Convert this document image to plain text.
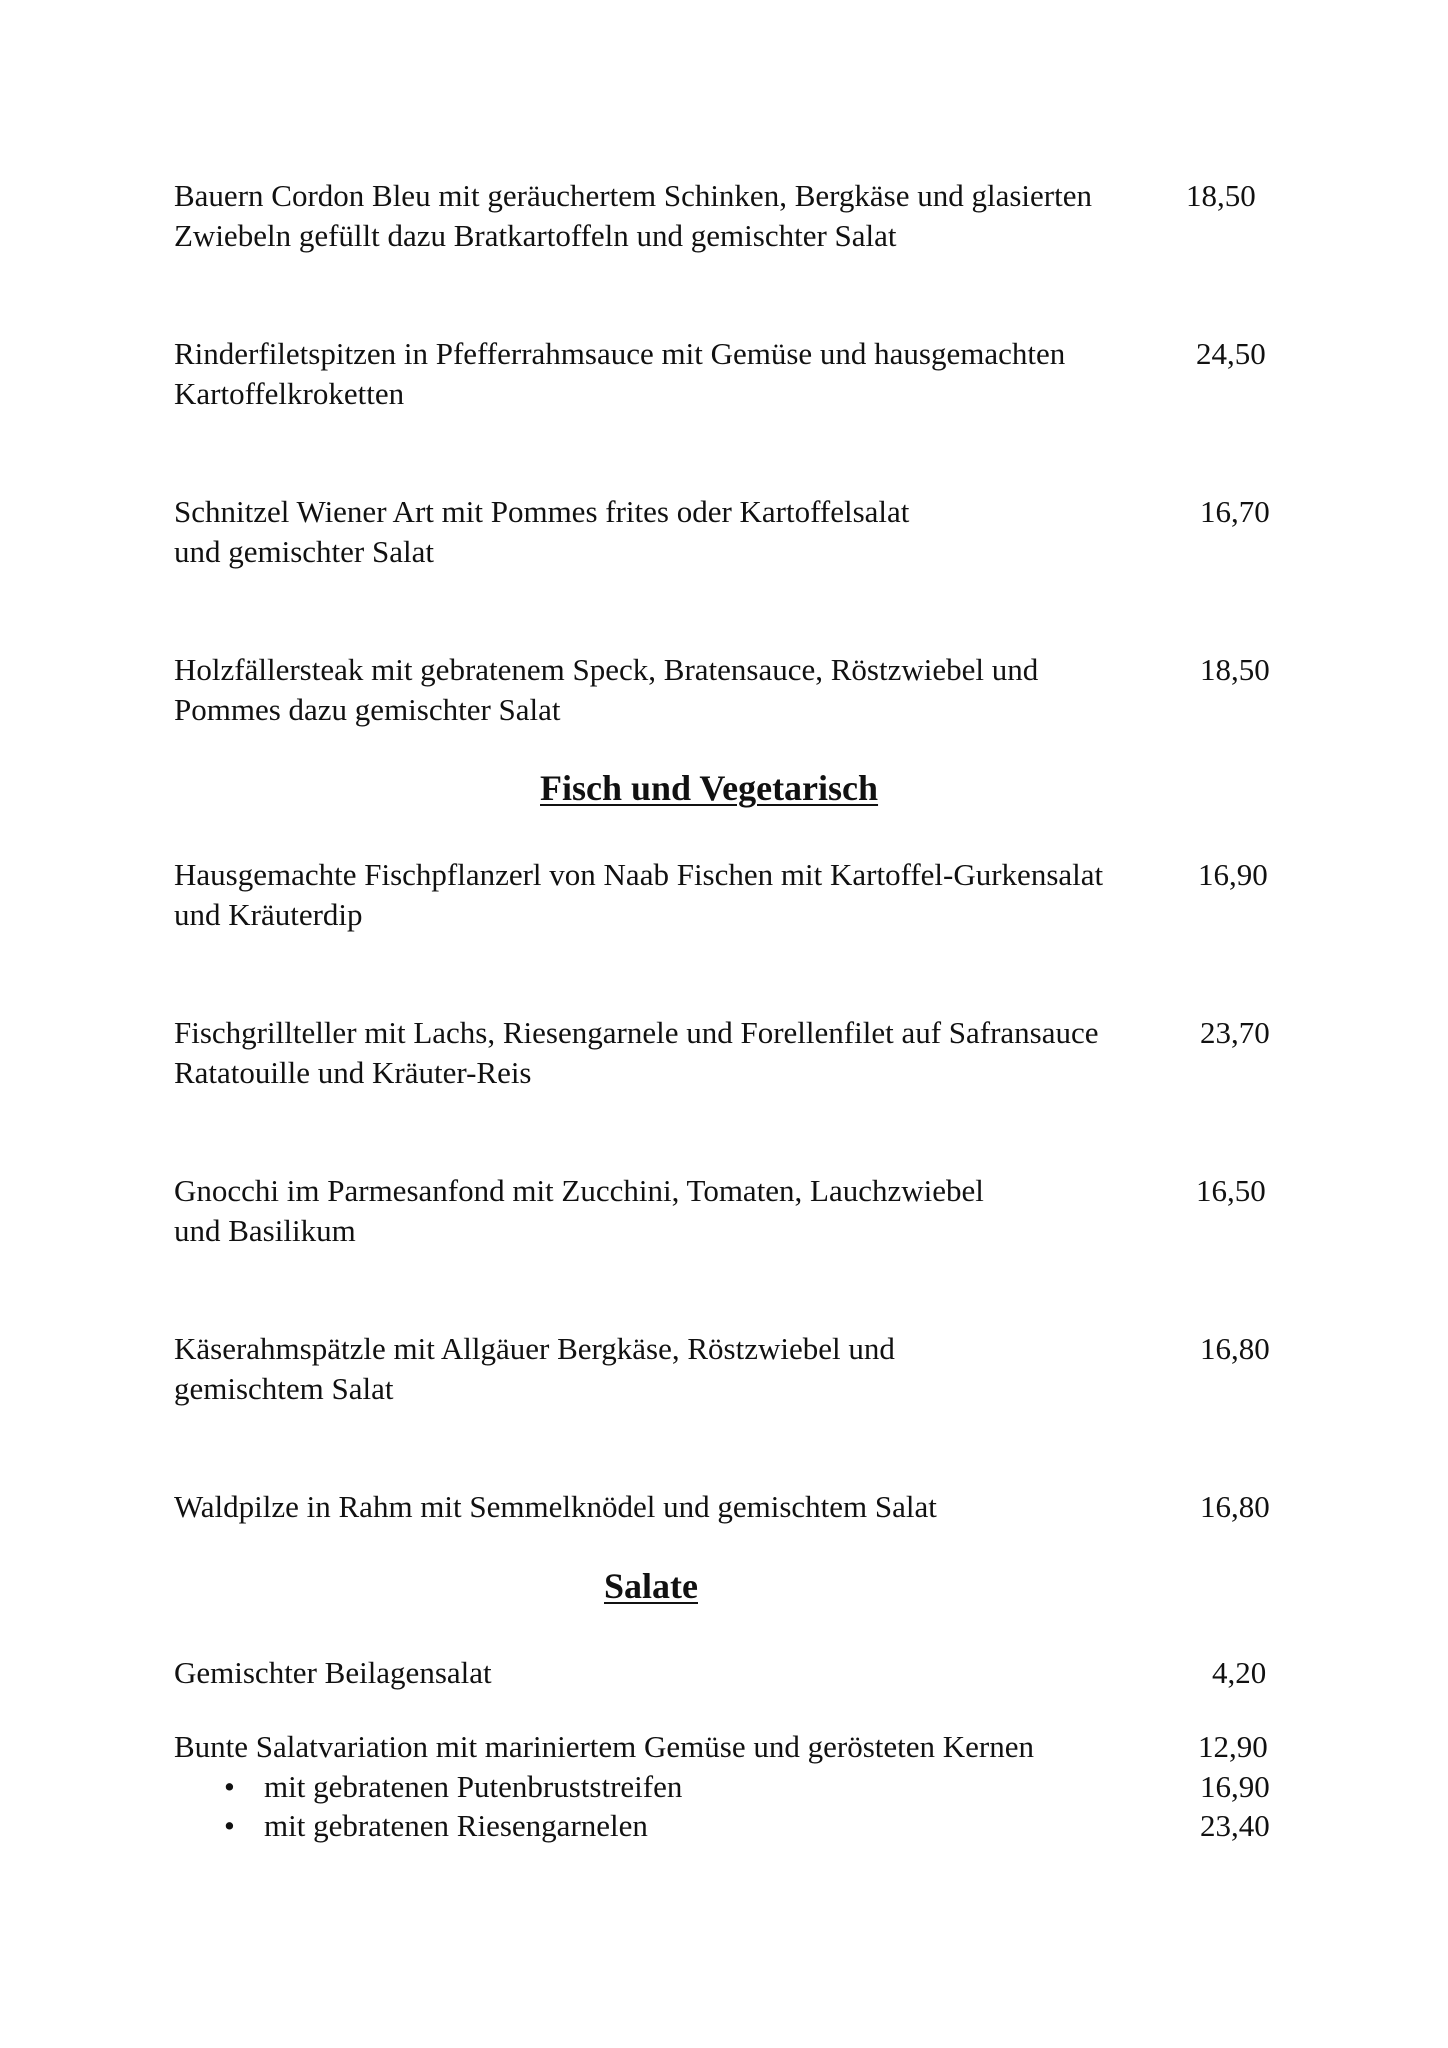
Bauern Cordon Bleu mit geräuchertem Schinken, Bergkäse und glasierten	18,50
Zwiebeln gefüllt dazu Bratkartoffeln und gemischter Salat
Rinderfiletspitzen in Pfefferrahmsauce mit Gemüse und hausgemachten	24,50
Kartoffelkroketten
Schnitzel Wiener Art mit Pommes frites oder Kartoffelsalat	16,70
und gemischter Salat
Holzfällersteak mit gebratenem Speck, Bratensauce, Röstzwiebel und	18,50
Pommes dazu gemischter Salat
Fisch und Vegetarisch
Hausgemachte Fischpflanzerl von Naab Fischen mit Kartoffel-Gurkensalat	16,90
und Kräuterdip
Fischgrillteller mit Lachs, Riesengarnele und Forellenfilet auf Safransauce	23,70
Ratatouille und Kräuter-Reis
Gnocchi im Parmesanfond mit Zucchini, Tomaten, Lauchzwiebel	16,50
und Basilikum
Käserahmspätzle mit Allgäuer Bergkäse, Röstzwiebel und	16,80
gemischtem Salat
Waldpilze in Rahm mit Semmelknödel und gemischtem Salat	16,80
Salate
Gemischter Beilagensalat	4,20
Bunte Salatvariation mit mariniertem Gemüse und gerösteten Kernen	12,90
• mit gebratenen Putenbruststreifen	16,90
• mit gebratenen Riesengarnelen	23,40
